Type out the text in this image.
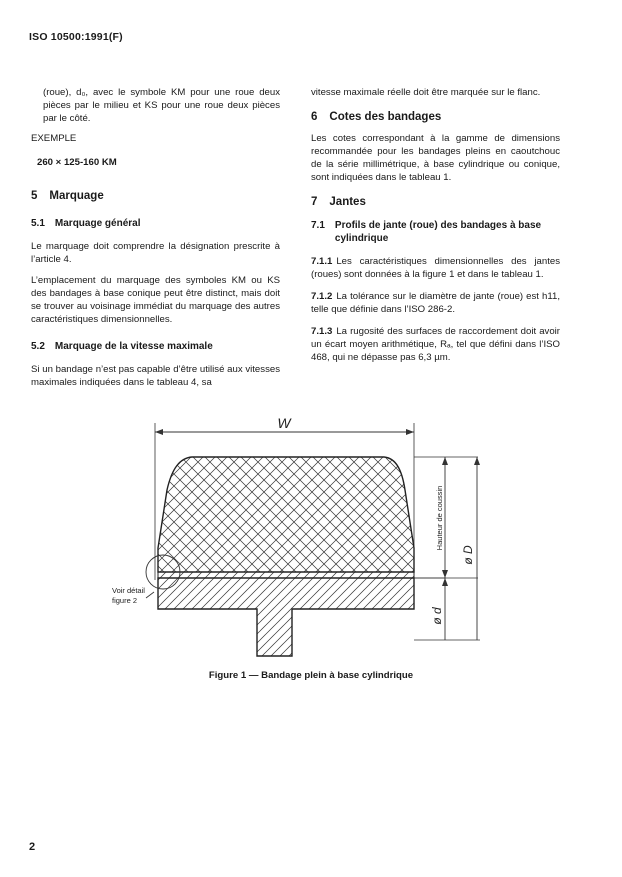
ISO 10500:1991(F)

(roue), d₀, avec le symbole KM pour une roue deux pièces par le milieu et KS pour une roue deux pièces par le côté.

EXEMPLE
260 × 125-160 KM
5 Marquage
5.1 Marquage général

Le marquage doit comprendre la désignation prescrite à l’article 4.

L’emplacement du marquage des symboles KM ou KS des bandages à base conique peut être distinct, mais doit se trouver au voisinage immédiat du marquage des autres caractéristiques dimensionnelles.

5.2 Marquage de la vitesse maximale

Si un bandage n’est pas capable d’être utilisé aux vitesses maximales indiquées dans le tableau 4, sa

vitesse maximale réelle doit être marquée sur le flanc.

6 Cotes des bandages

Les cotes correspondant à la gamme de dimensions recommandée pour les bandages pleins en caoutchouc de la série millimétrique, à base cylindrique ou conique, sont indiquées dans le tableau 1.

7 Jantes
7.1 Profils de jante (roue) des bandages à base cylindrique

7.1.1 Les caractéristiques dimensionnelles des jantes (roues) sont données à la figure 1 et dans le tableau 1.

7.1.2 La tolérance sur le diamètre de jante (roue) est h11, telle que définie dans l’ISO 286-2.

7.1.3 La rugosité des surfaces de raccordement doit avoir un écart moyen arithmétique, Rₐ, tel que défini dans l’ISO 468, qui ne dépasse pas 6,3 µm.

W
Voir détail
figure 2
Hauteur de coussin
ø D
ø d
Figure 1 — Bandage plein à base cylindrique
2
